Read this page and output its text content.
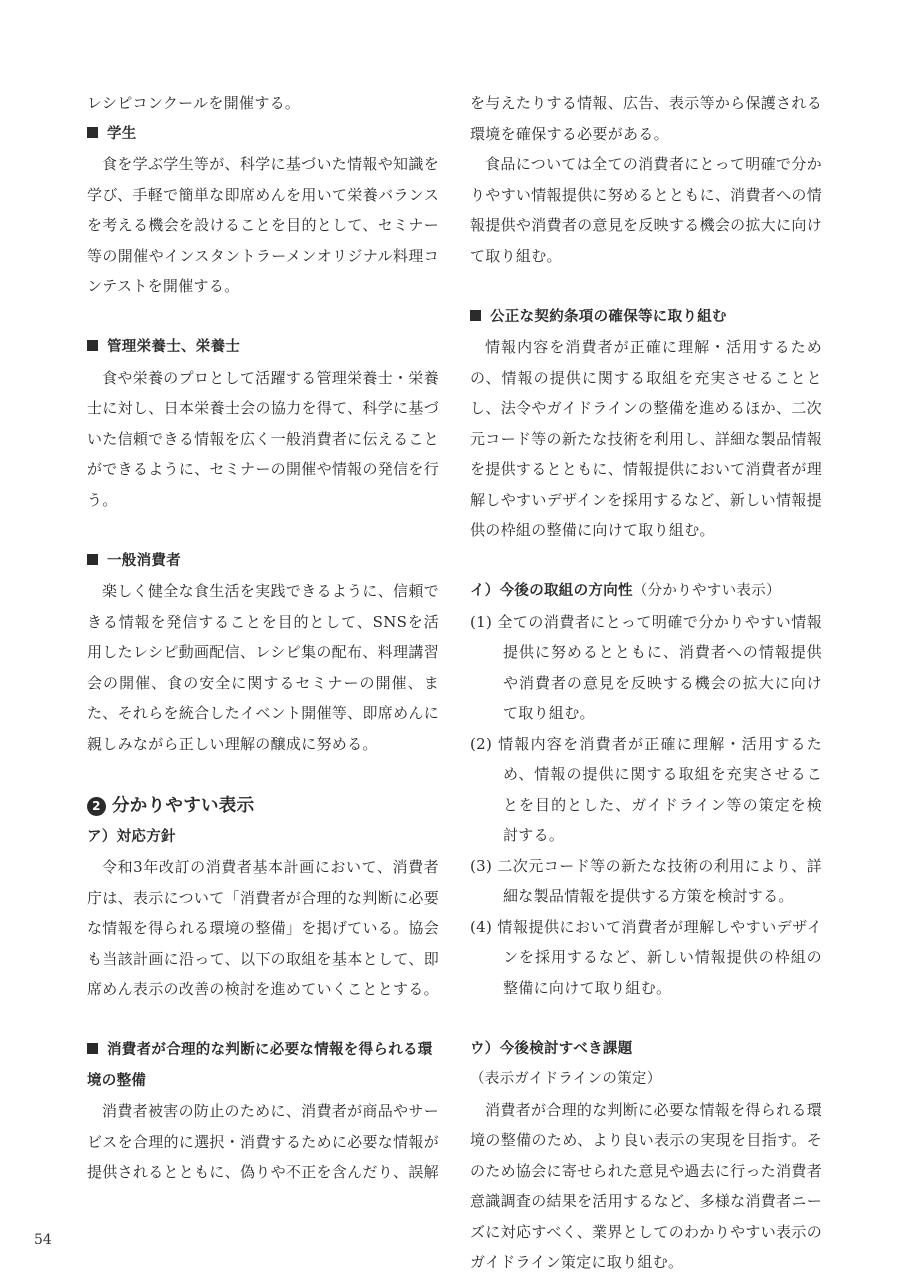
レシピコンクールを開催する。

学生

食を学ぶ学生等が、科学に基づいた情報や知識を学び、手軽で簡単な即席めんを用いて栄養バランスを考える機会を設けることを目的として、セミナー等の開催やインスタントラーメンオリジナル料理コンテストを開催する。

管理栄養士、栄養士

食や栄養のプロとして活躍する管理栄養士・栄養士に対し、日本栄養士会の協力を得て、科学に基づいた信頼できる情報を広く一般消費者に伝えることができるように、セミナーの開催や情報の発信を行う。

一般消費者

楽しく健全な食生活を実践できるように、信頼できる情報を発信することを目的として、SNSを活用したレシピ動画配信、レシピ集の配布、料理講習会の開催、食の安全に関するセミナーの開催、また、それらを統合したイベント開催等、即席めんに親しみながら正しい理解の醸成に努める。

2 分かりやすい表示

ア）対応方針

令和3年改訂の消費者基本計画において、消費者庁は、表示について「消費者が合理的な判断に必要な情報を得られる環境の整備」を掲げている。協会も当該計画に沿って、以下の取組を基本として、即席めん表示の改善の検討を進めていくこととする。

消費者が合理的な判断に必要な情報を得られる環境の整備

消費者被害の防止のために、消費者が商品やサービスを合理的に選択・消費するために必要な情報が提供されるとともに、偽りや不正を含んだり、誤解

を与えたりする情報、広告、表示等から保護される環境を確保する必要がある。

食品については全ての消費者にとって明確で分かりやすい情報提供に努めるとともに、消費者への情報提供や消費者の意見を反映する機会の拡大に向けて取り組む。

公正な契約条項の確保等に取り組む

情報内容を消費者が正確に理解・活用するための、情報の提供に関する取組を充実させることとし、法令やガイドラインの整備を進めるほか、二次元コード等の新たな技術を利用し、詳細な製品情報を提供するとともに、情報提供において消費者が理解しやすいデザインを採用するなど、新しい情報提供の枠組の整備に向けて取り組む。

イ）今後の取組の方向性（分かりやすい表示）

(1) 全ての消費者にとって明確で分かりやすい情報提供に努めるとともに、消費者への情報提供や消費者の意見を反映する機会の拡大に向けて取り組む。

(2) 情報内容を消費者が正確に理解・活用するため、情報の提供に関する取組を充実させることを目的とした、ガイドライン等の策定を検討する。

(3) 二次元コード等の新たな技術の利用により、詳細な製品情報を提供する方策を検討する。

(4) 情報提供において消費者が理解しやすいデザインを採用するなど、新しい情報提供の枠組の整備に向けて取り組む。

ウ）今後検討すべき課題（表示ガイドラインの策定）

消費者が合理的な判断に必要な情報を得られる環境の整備のため、より良い表示の実現を目指す。そのため協会に寄せられた意見や過去に行った消費者意識調査の結果を活用するなど、多様な消費者ニーズに対応すべく、業界としてのわかりやすい表示のガイドライン策定に取り組む。

54
